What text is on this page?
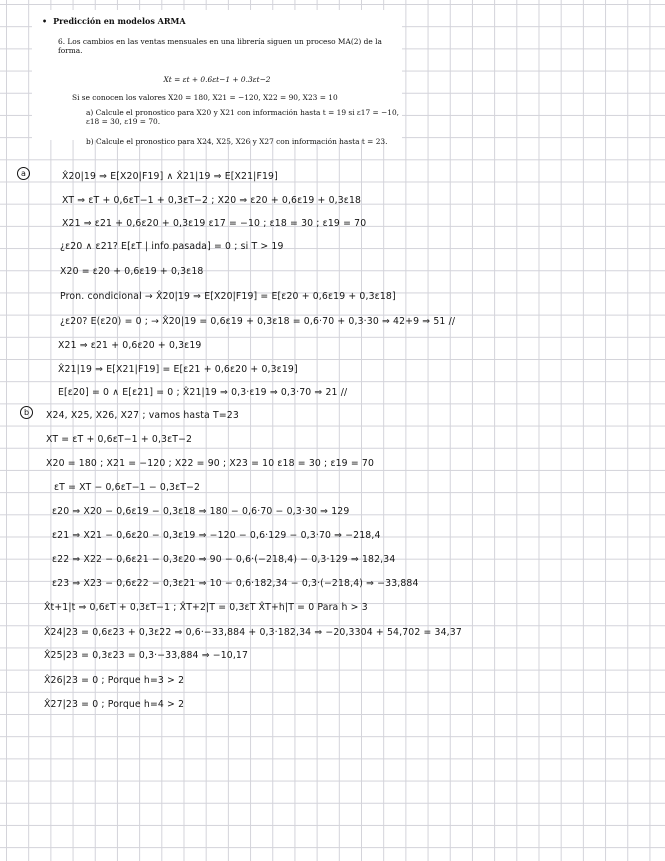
• Predicción en modelos ARMA
6. Los cambios en las ventas mensuales en una librería siguen un proceso MA(2) de la forma.
Xt = εt + 0.6εt−1 + 0.3εt−2
Si se conocen los valores X20 = 180, X21 = −120, X22 = 90, X23 = 10
a) Calcule el pronostico para X20 y X21 con información hasta t = 19 si ε17 = −10, ε18 = 30, ε19 = 70.
b) Calcule el pronostico para X24, X25, X26 y X27 con información hasta t = 23.
a
b
X̂20|19 ⇒ E[X20|F19] ∧ X̂21|19 ⇒ E[X21|F19]
XT ⇒ εT + 0,6εT−1 + 0,3εT−2 ; X20 ⇒ ε20 + 0,6ε19 + 0,3ε18
X21 ⇒ ε21 + 0,6ε20 + 0,3ε19 ε17 = −10 ; ε18 = 30 ; ε19 = 70
¿ε20 ∧ ε21? E[εT | info pasada] = 0 ; si T > 19
X20 = ε20 + 0,6ε19 + 0,3ε18
Pron. condicional → X̂20|19 ⇒ E[X20|F19] = E[ε20 + 0,6ε19 + 0,3ε18]
¿ε20? E(ε20) = 0 ; → X̂20|19 = 0,6ε19 + 0,3ε18 = 0,6·70 + 0,3·30 ⇒ 42+9 ⇒ 51 //
X21 ⇒ ε21 + 0,6ε20 + 0,3ε19
X̂21|19 ⇒ E[X21|F19] = E[ε21 + 0,6ε20 + 0,3ε19]
E[ε20] = 0 ∧ E[ε21] = 0 ; X̂21|19 ⇒ 0,3·ε19 ⇒ 0,3·70 ⇒ 21 //
X24, X25, X26, X27 ; vamos hasta T=23
XT = εT + 0,6εT−1 + 0,3εT−2
X20 = 180 ; X21 = −120 ; X22 = 90 ; X23 = 10 ε18 = 30 ; ε19 = 70
εT = XT − 0,6εT−1 − 0,3εT−2
ε20 ⇒ X20 − 0,6ε19 − 0,3ε18 ⇒ 180 − 0,6·70 − 0,3·30 ⇒ 129
ε21 ⇒ X21 − 0,6ε20 − 0,3ε19 ⇒ −120 − 0,6·129 − 0,3·70 ⇒ −218,4
ε22 ⇒ X22 − 0,6ε21 − 0,3ε20 ⇒ 90 − 0,6·(−218,4) − 0,3·129 ⇒ 182,34
ε23 ⇒ X23 − 0,6ε22 − 0,3ε21 ⇒ 10 − 0,6·182,34 − 0,3·(−218,4) ⇒ −33,884
X̂t+1|t ⇒ 0,6εT + 0,3εT−1 ; X̂T+2|T = 0,3εT X̂T+h|T = 0 Para h > 3
X̂24|23 = 0,6ε23 + 0,3ε22 ⇒ 0,6·−33,884 + 0,3·182,34 ⇒ −20,3304 + 54,702 = 34,37
X̂25|23 = 0,3ε23 = 0,3·−33,884 ⇒ −10,17
X̂26|23 = 0 ; Porque h=3 > 2
X̂27|23 = 0 ; Porque h=4 > 2
